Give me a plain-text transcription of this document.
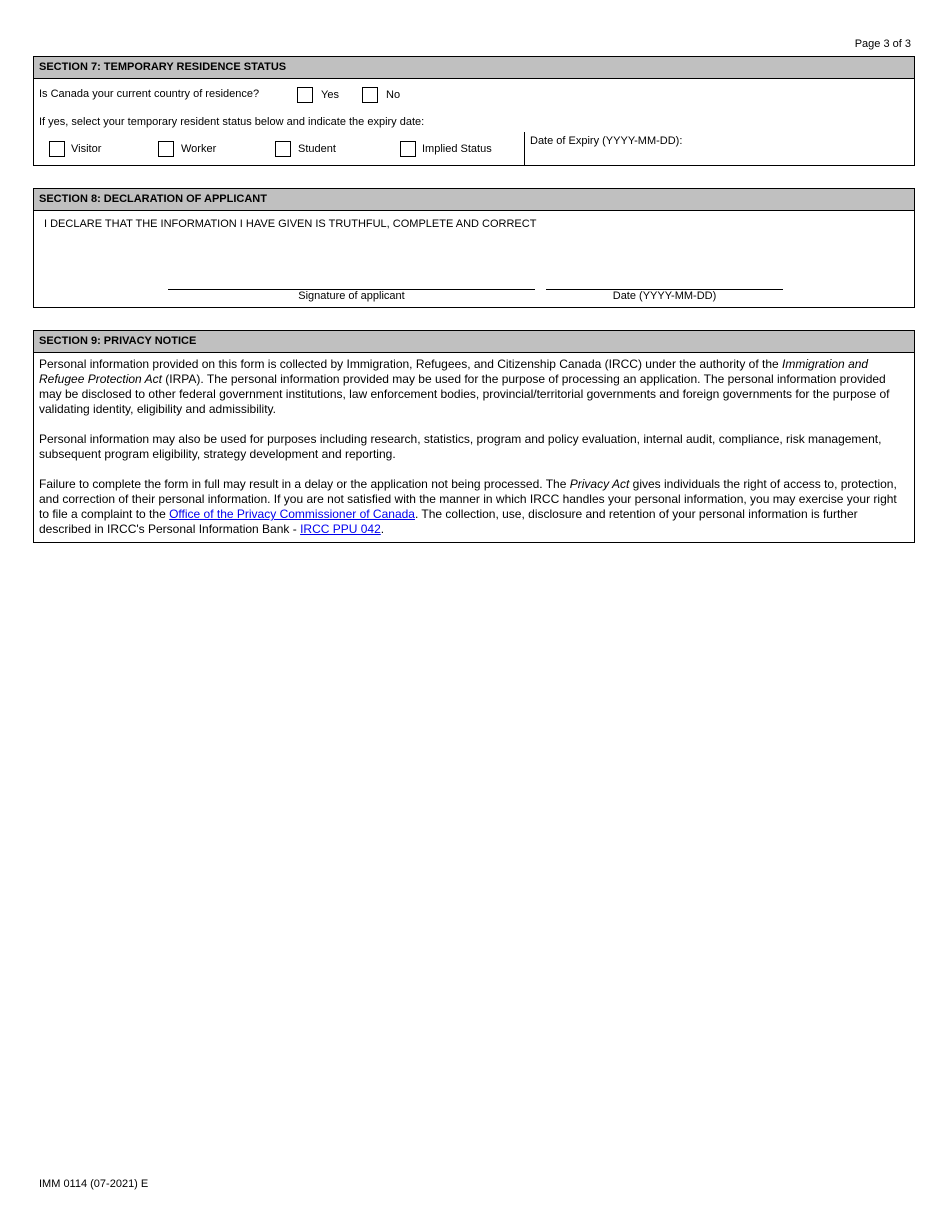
Page 3 of 3
SECTION 7: TEMPORARY RESIDENCE STATUS
Is Canada your current country of residence?	Yes	No
If yes, select your temporary resident status below and indicate the expiry date:
Visitor	Worker	Student	Implied Status
Date of Expiry (YYYY-MM-DD):
SECTION 8: DECLARATION OF APPLICANT
I DECLARE THAT THE INFORMATION I HAVE GIVEN IS TRUTHFUL, COMPLETE AND CORRECT
Signature of applicant	Date (YYYY-MM-DD)
SECTION 9: PRIVACY NOTICE

Personal information provided on this form is collected by Immigration, Refugees, and Citizenship Canada (IRCC) under the authority of the Immigration and Refugee Protection Act (IRPA). The personal information provided may be used for the purpose of processing an application. The personal information provided may be disclosed to other federal government institutions, law enforcement bodies, provincial/territorial governments and foreign governments for the purpose of validating identity, eligibility and admissibility.

Personal information may also be used for purposes including research, statistics, program and policy evaluation, internal audit, compliance, risk management, subsequent program eligibility, strategy development and reporting.

Failure to complete the form in full may result in a delay or the application not being processed. The Privacy Act gives individuals the right of access to, protection, and correction of their personal information. If you are not satisfied with the manner in which IRCC handles your personal information, you may exercise your right to file a complaint to the Office of the Privacy Commissioner of Canada. The collection, use, disclosure and retention of your personal information is further described in IRCC's Personal Information Bank - IRCC PPU 042.

IMM 0114 (07-2021) E
